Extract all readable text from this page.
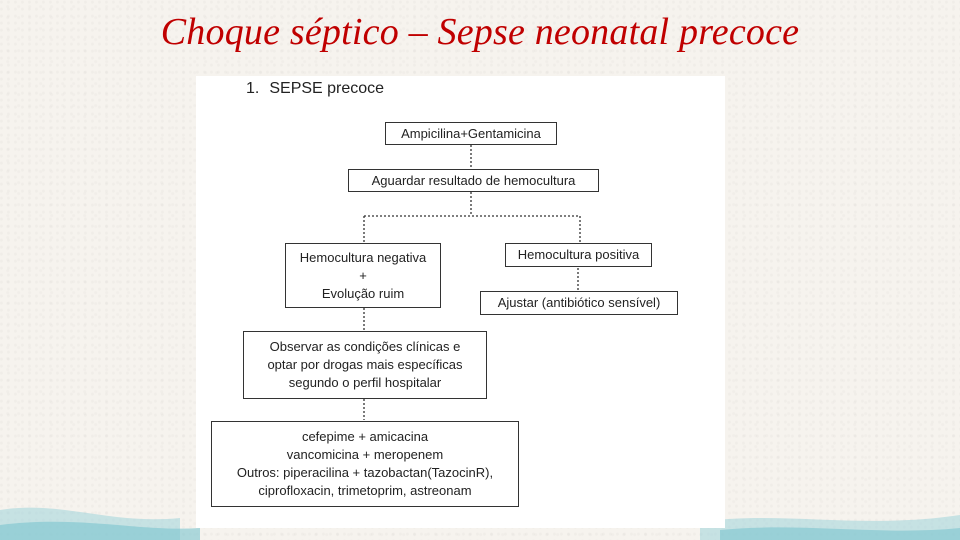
Choque séptico – Sepse neonatal precoce
1. SEPSE precoce
Ampicilina+Gentamicina
Aguardar resultado de hemocultura
Hemocultura negativa
+
Evolução ruim
Hemocultura positiva
Ajustar (antibiótico sensível)
Observar as condições clínicas e
optar por drogas mais específicas
segundo o perfil hospitalar
cefepime + amicacina
vancomicina + meropenem
Outros: piperacilina + tazobactan(TazocinR),
ciprofloxacin, trimetoprim, astreonam
